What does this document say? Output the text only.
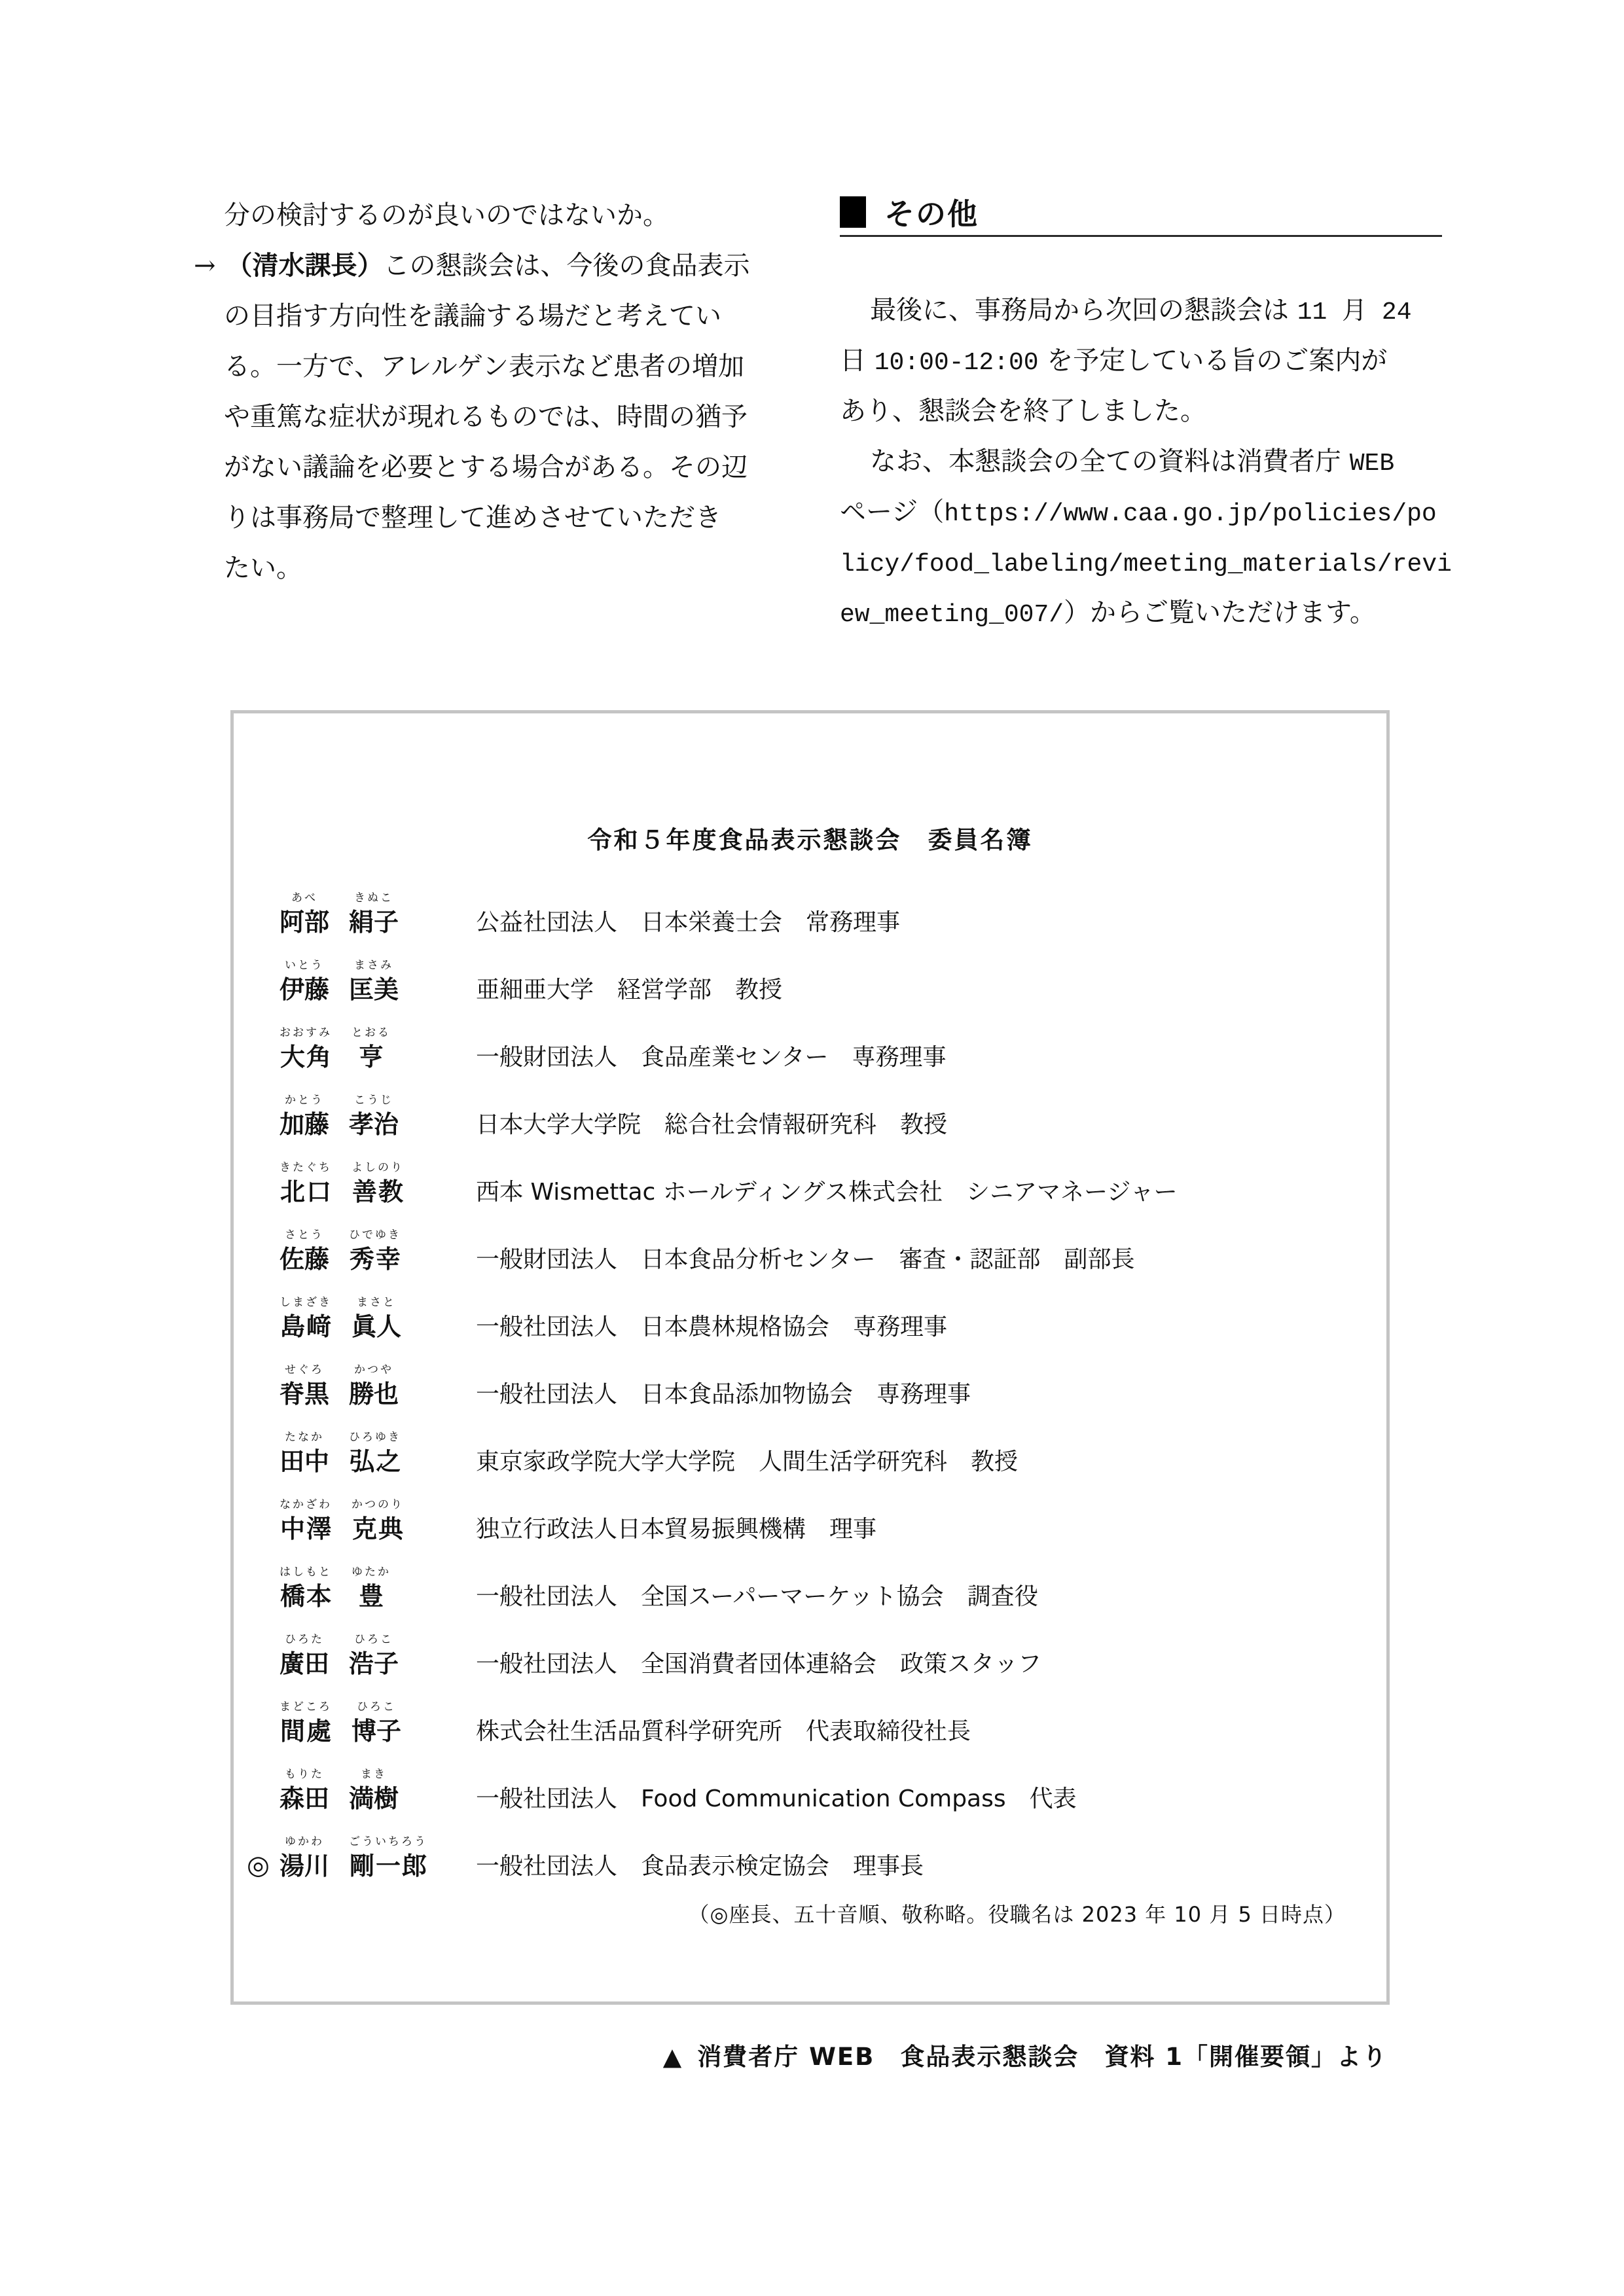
分の検討するのが良いのではないか。
→ （清水課長）この懇談会は、今後の食品表示
の目指す方向性を議論する場だと考えてい
る。一方で、アレルゲン表示など患者の増加
や重篤な症状が現れるものでは、時間の猶予
がない議論を必要とする場合がある。その辺
りは事務局で整理して進めさせていただき
たい。
その他
最後に、事務局から次回の懇談会は 11 月 24
日 10:00-12:00 を予定している旨のご案内が
あり、懇談会を終了しました。
なお、本懇談会の全ての資料は消費者庁 WEB
ページ（https://www.caa.go.jp/policies/po
licy/food_labeling/meeting_materials/revi
ew_meeting_007/）からご覧いただけます。
令和５年度食品表示懇談会　委員名簿
阿部あべ
絹子きぬこ
公益社団法人　日本栄養士会　常務理事
伊藤いとう
匡美まさみ
亜細亜大学　経営学部　教授
大角おおすみ
亨とおる
一般財団法人　食品産業センター　専務理事
加藤かとう
孝治こうじ
日本大学大学院　総合社会情報研究科　教授
北口きたぐち
善教よしのり
西本 Wismettac ホールディングス株式会社　シニアマネージャー
佐藤さとう
秀幸ひでゆき
一般財団法人　日本食品分析センター　審査・認証部　副部長
島﨑しまざき
眞人まさと
一般社団法人　日本農林規格協会　専務理事
脊黒せぐろ
勝也かつや
一般社団法人　日本食品添加物協会　専務理事
田中たなか
弘之ひろゆき
東京家政学院大学大学院　人間生活学研究科　教授
中澤なかざわ
克典かつのり
独立行政法人日本貿易振興機構　理事
橋本はしもと
豊ゆたか
一般社団法人　全国スーパーマーケット協会　調査役
廣田ひろた
浩子ひろこ
一般社団法人　全国消費者団体連絡会　政策スタッフ
間處まどころ
博子ひろこ
株式会社生活品質科学研究所　代表取締役社長
森田もりた
満樹まき
一般社団法人　Food Communication Compass　代表
◎ 湯川ゆかわ
剛一郎ごういちろう
一般社団法人　食品表示検定協会　理事長
（◎座長、五十音順、敬称略。役職名は 2023 年 10 月 5 日時点）
▲ 消費者庁 WEB　食品表示懇談会　資料 1「開催要領」より
